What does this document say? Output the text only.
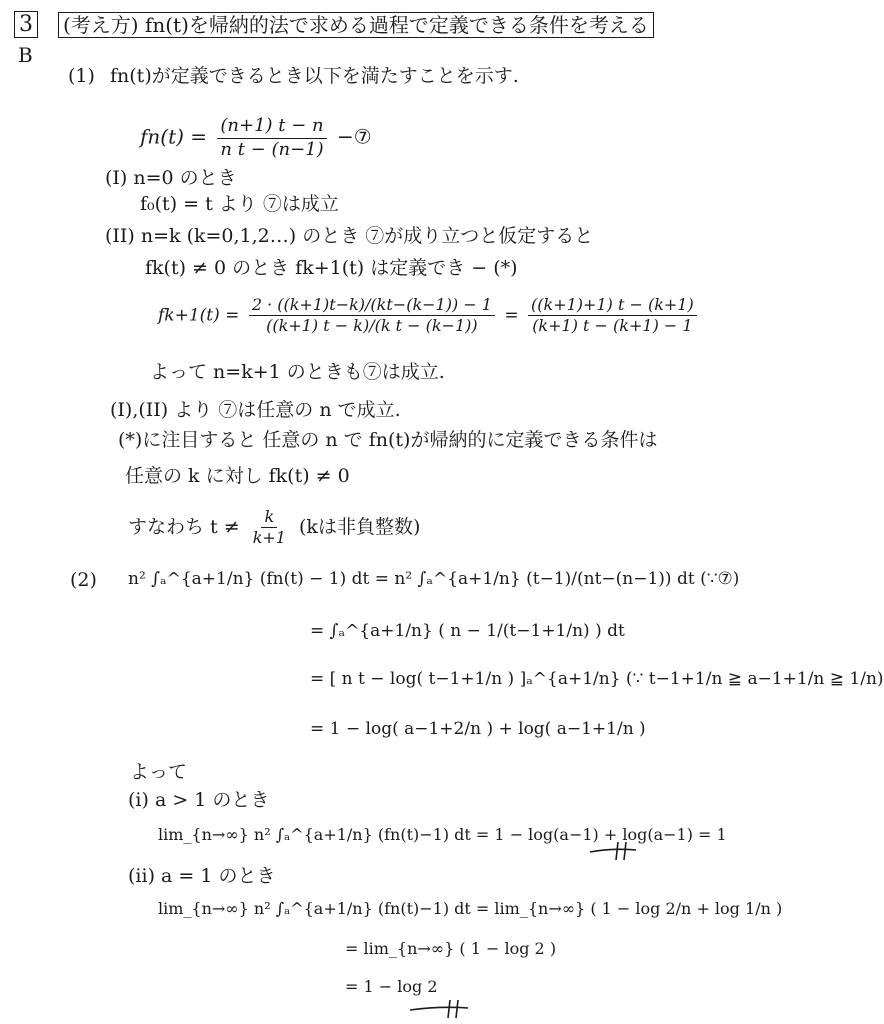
3
B
(考え方) fn(t)を帰納的法で求める過程で定義できる条件を考える
(1) fn(t)が定義できるとき以下を満たすことを示す.
$fn(t) = \frac{(n+1) t - n}{\text{n t − (n−1)}}$ −⑦
(I) n=0 のとき
f₀(t) = t より ⑦は成立
(II) n=k (k=0,1,2…) のとき ⑦が成り立つと仮定すると
fk(t) ≠ 0 のとき fk+1(t) は定義でき − (*)
$fk+1(t) = \frac{2 \cdot ((k+1)t-k)/(kt-(k-1)) - 1}{\text{((k+1) t − k)/(k t − (k−1))}} = \frac{((k+1)+1) t - (k+1)}{(k+1) t - (k+1) - 1}$
よって n=k+1 のときも⑦は成立.
(I),(II) より ⑦は任意の n で成立.
(*)に注目すると 任意の n で fn(t)が帰納的に定義できる条件は
任意の k に対し fk(t) ≠ 0
すなわち $t \ne \frac{k}{k+1} (k$は非負整数)
(2) n² ∫ₐ^{a+1/n} (fn(t) − 1) dt = n² ∫ₐ^{a+1/n} (t−1)/(nt−(n−1)) dt (∵⑦)
= ∫ₐ^{a+1/n} ( n − 1/(t−1+1/n) ) dt
= [ n t − log( t−1+1/n ) ]ₐ^{a+1/n} (∵ t−1+1/n ≧ a−1+1/n ≧ 1/n)
= 1 − log( a−1+2/n ) + log( a−1+1/n )
よって
(i) a > 1 のとき
lim_{n→∞} n² ∫ₐ^{a+1/n} (fn(t)−1) dt = 1 − log(a−1) + log(a−1) = 1
(ii) a = 1 のとき
lim_{n→∞} n² ∫ₐ^{a+1/n} (fn(t)−1) dt = lim_{n→∞} ( 1 − log 2/n + log 1/n )
= lim_{n→∞} ( 1 − log 2 )
= 1 − log 2
